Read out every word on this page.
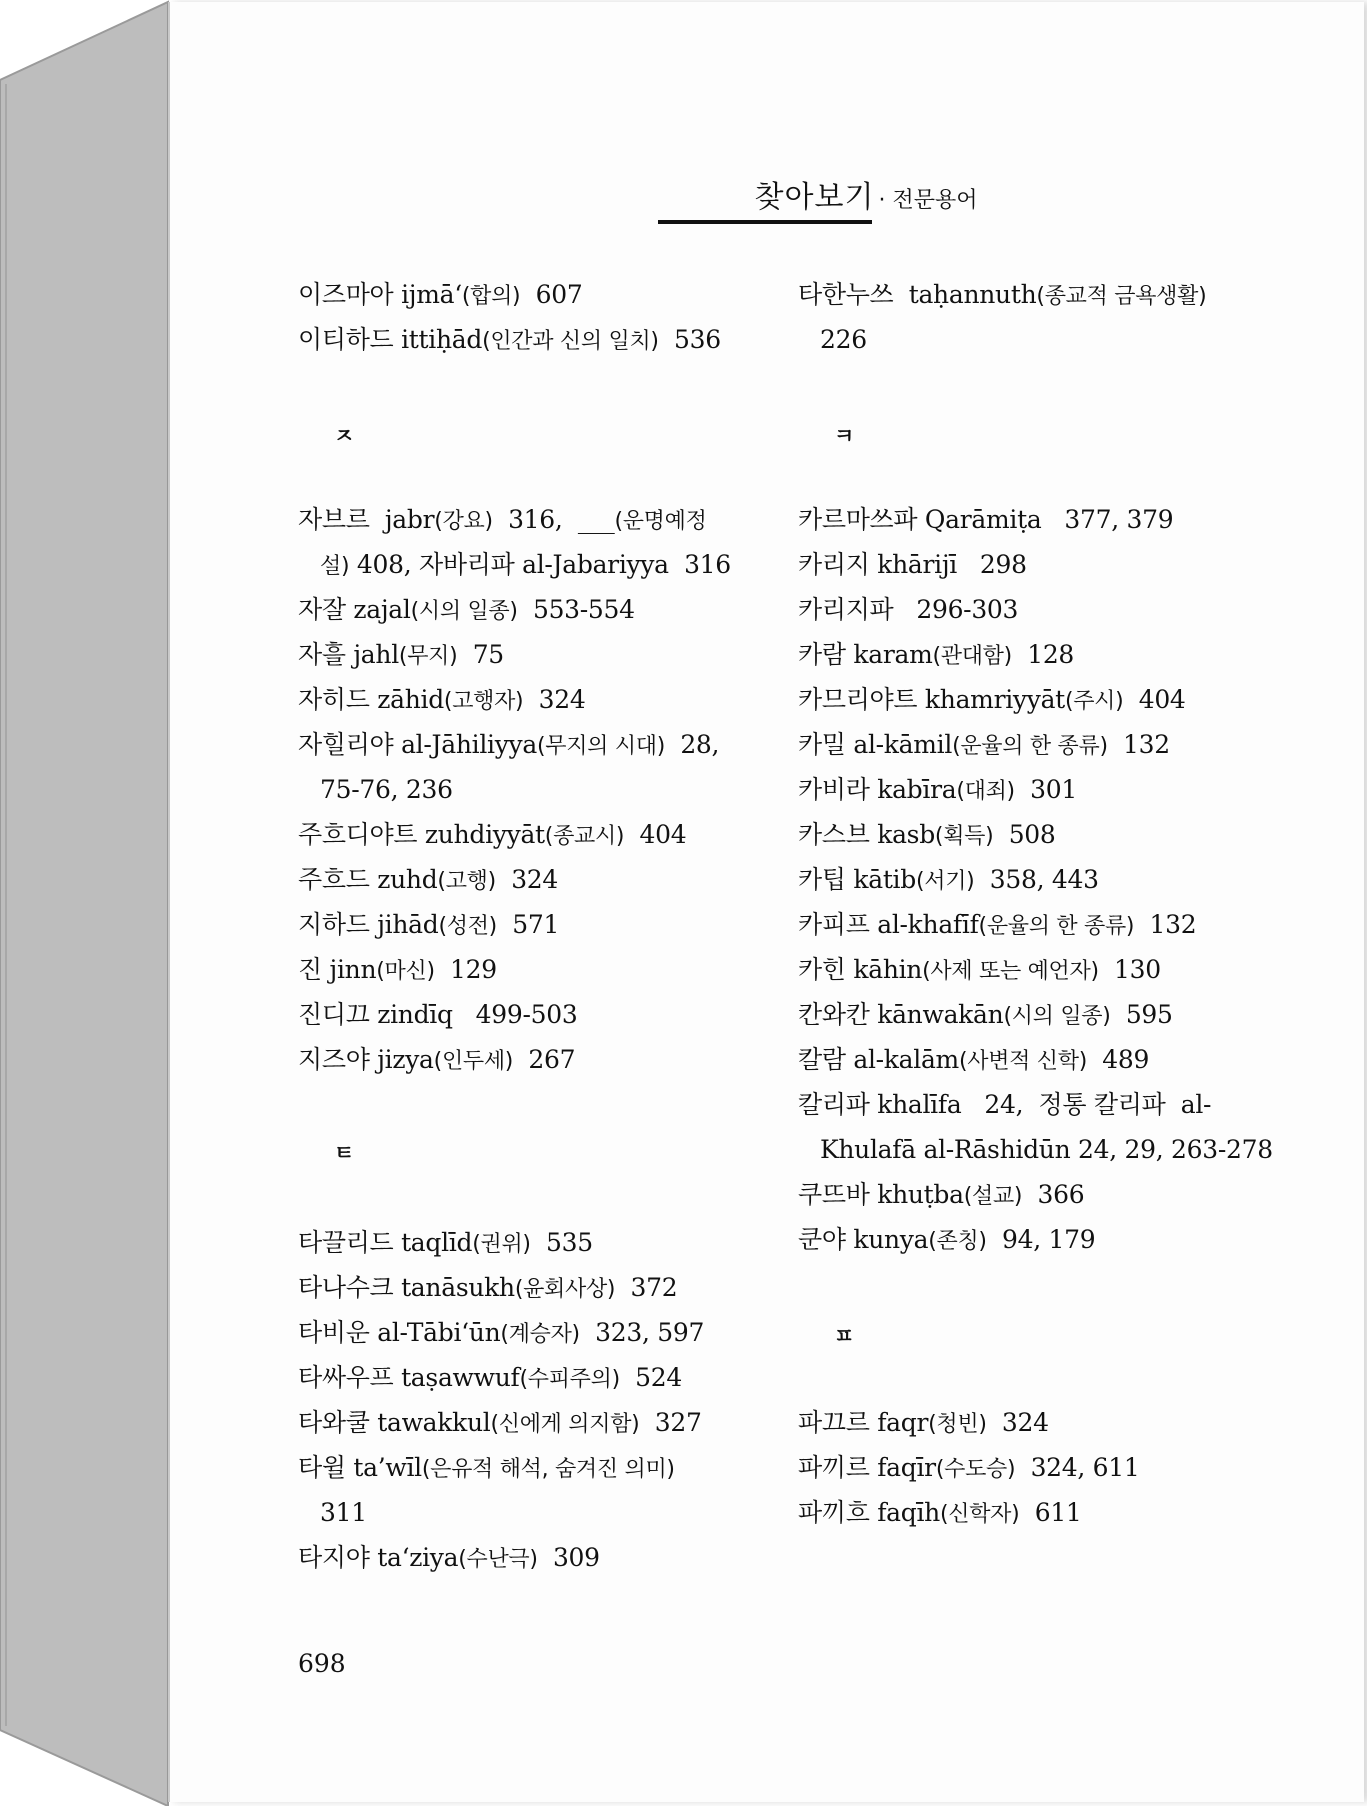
찾아보기 · 전문용어
이즈마아 ijmā‘(합의) 607
이티하드 ittiḥād(인간과 신의 일치) 536
ㅈ
자브르 jabr(강요) 316, ___(운명예정
설) 408, 자바리파 al-Jabariyya 316
자잘 zajal(시의 일종) 553-554
자흘 jahl(무지) 75
자히드 zāhid(고행자) 324
자힐리야 al-Jāhiliyya(무지의 시대) 28,
75-76, 236
주흐디야트 zuhdiyyāt(종교시) 404
주흐드 zuhd(고행) 324
지하드 jihād(성전) 571
진 jinn(마신) 129
진디끄 zindīq 499-503
지즈야 jizya(인두세) 267
ㅌ
타끌리드 taqlīd(권위) 535
타나수크 tanāsukh(윤회사상) 372
타비운 al-Tābi‘ūn(계승자) 323, 597
타싸우프 taṣawwuf(수피주의) 524
타와쿨 tawakkul(신에게 의지함) 327
타윌 ta’wīl(은유적 해석, 숨겨진 의미)
311
타지야 ta‘ziya(수난극) 309
타한누쓰 taḥannuth(종교적 금욕생활)
226
ㅋ
카르마쓰파 Qarāmiṭa 377, 379
카리지 khārijī 298
카리지파 296-303
카람 karam(관대함) 128
카므리야트 khamriyyāt(주시) 404
카밀 al-kāmil(운율의 한 종류) 132
카비라 kabīra(대죄) 301
카스브 kasb(획득) 508
카팁 kātib(서기) 358, 443
카피프 al-khafīf(운율의 한 종류) 132
카힌 kāhin(사제 또는 예언자) 130
칸와칸 kānwakān(시의 일종) 595
칼람 al-kalām(사변적 신학) 489
칼리파 khalīfa 24, 정통 칼리파 al-
Khulafā al-Rāshidūn 24, 29, 263-278
쿠뜨바 khuṭba(설교) 366
쿤야 kunya(존칭) 94, 179
ㅍ
파끄르 faqr(청빈) 324
파끼르 faqīr(수도승) 324, 611
파끼흐 faqīh(신학자) 611
698
